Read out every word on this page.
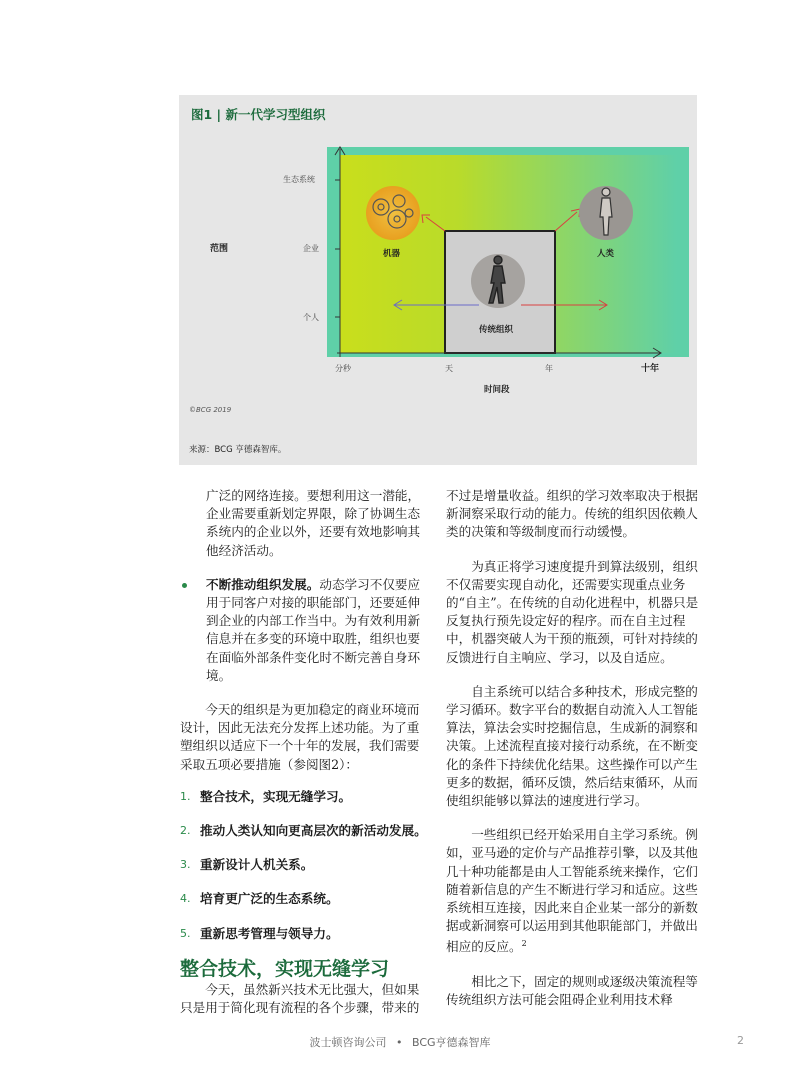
图1 | 新一代学习型组织
范围
生态系统
企业
个人
机器	人类
传统组织
分秒	天	年	十年
时间段
©BCG 2019
来源：BCG 亨德森智库。

广泛的网络连接。要想利用这一潜能，企业需要重新划定界限，除了协调生态系统内的企业以外，还要有效地影响其他经济活动。

不断推动组织发展。动态学习不仅要应用于同客户对接的职能部门，还要延伸到企业的内部工作当中。为有效利用新信息并在多变的环境中取胜，组织也要在面临外部条件变化时不断完善自身环境。

今天的组织是为更加稳定的商业环境而设计，因此无法充分发挥上述功能。为了重塑组织以适应下一个十年的发展，我们需要采取五项必要措施（参阅图2）：

1. 整合技术，实现无缝学习。
2. 推动人类认知向更高层次的新活动发展。
3. 重新设计人机关系。
4. 培育更广泛的生态系统。
5. 重新思考管理与领导力。
整合技术，实现无缝学习

今天，虽然新兴技术无比强大，但如果只是用于简化现有流程的各个步骤，带来的

不过是增量收益。组织的学习效率取决于根据新洞察采取行动的能力。传统的组织因依赖人类的决策和等级制度而行动缓慢。

为真正将学习速度提升到算法级别，组织不仅需要实现自动化，还需要实现重点业务的“自主”。在传统的自动化进程中，机器只是反复执行预先设定好的程序。而在自主过程中，机器突破人为干预的瓶颈，可针对持续的反馈进行自主响应、学习，以及自适应。

自主系统可以结合多种技术，形成完整的学习循环。数字平台的数据自动流入人工智能算法，算法会实时挖掘信息，生成新的洞察和决策。上述流程直接对接行动系统，在不断变化的条件下持续优化结果。这些操作可以产生更多的数据，循环反馈，然后结束循环，从而使组织能够以算法的速度进行学习。

一些组织已经开始采用自主学习系统。例如，亚马逊的定价与产品推荐引擎，以及其他几十种功能都是由人工智能系统来操作，它们随着新信息的产生不断进行学习和适应。这些系统相互连接，因此来自企业某一部分的新数据或新洞察可以运用到其他职能部门，并做出相应的反应。$^2$

相比之下，固定的规则或逐级决策流程等传统组织方法可能会阻碍企业利用技术释

波士顿咨询公司 • BCG亨德森智库	2
